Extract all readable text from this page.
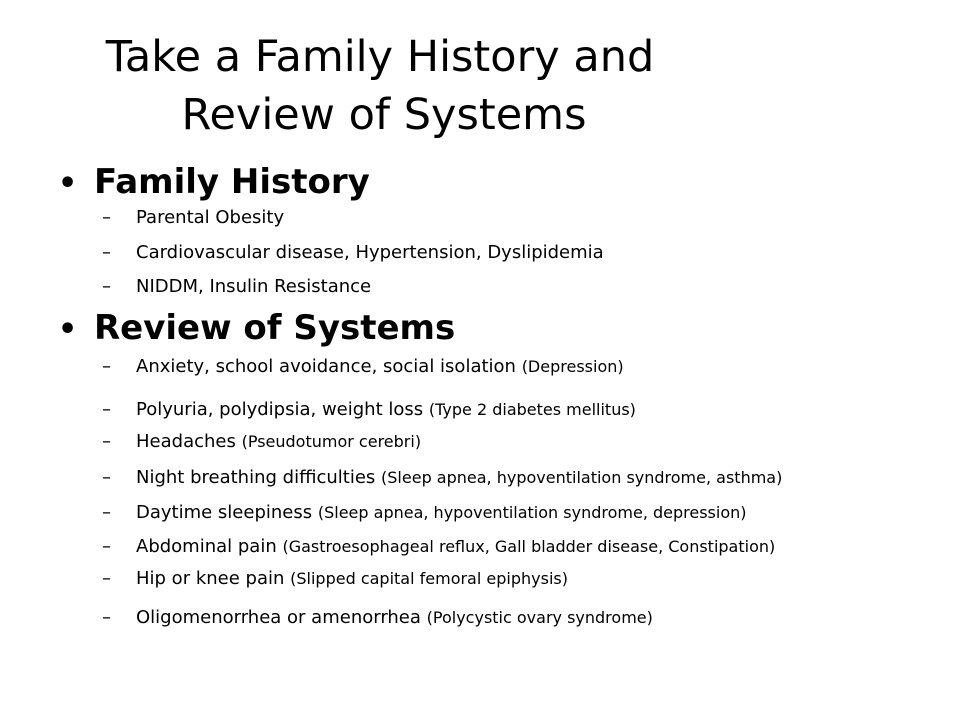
Take a Family History and
Review of Systems
• Family History
– Parental Obesity
– Cardiovascular disease, Hypertension, Dyslipidemia
– NIDDM, Insulin Resistance
• Review of Systems
– Anxiety, school avoidance, social isolation (Depression)
– Polyuria, polydipsia, weight loss (Type 2 diabetes mellitus)
– Headaches (Pseudotumor cerebri)
– Night breathing difficulties (Sleep apnea, hypoventilation syndrome, asthma)
– Daytime sleepiness (Sleep apnea, hypoventilation syndrome, depression)
– Abdominal pain (Gastroesophageal reflux, Gall bladder disease, Constipation)
– Hip or knee pain (Slipped capital femoral epiphysis)
– Oligomenorrhea or amenorrhea (Polycystic ovary syndrome)
